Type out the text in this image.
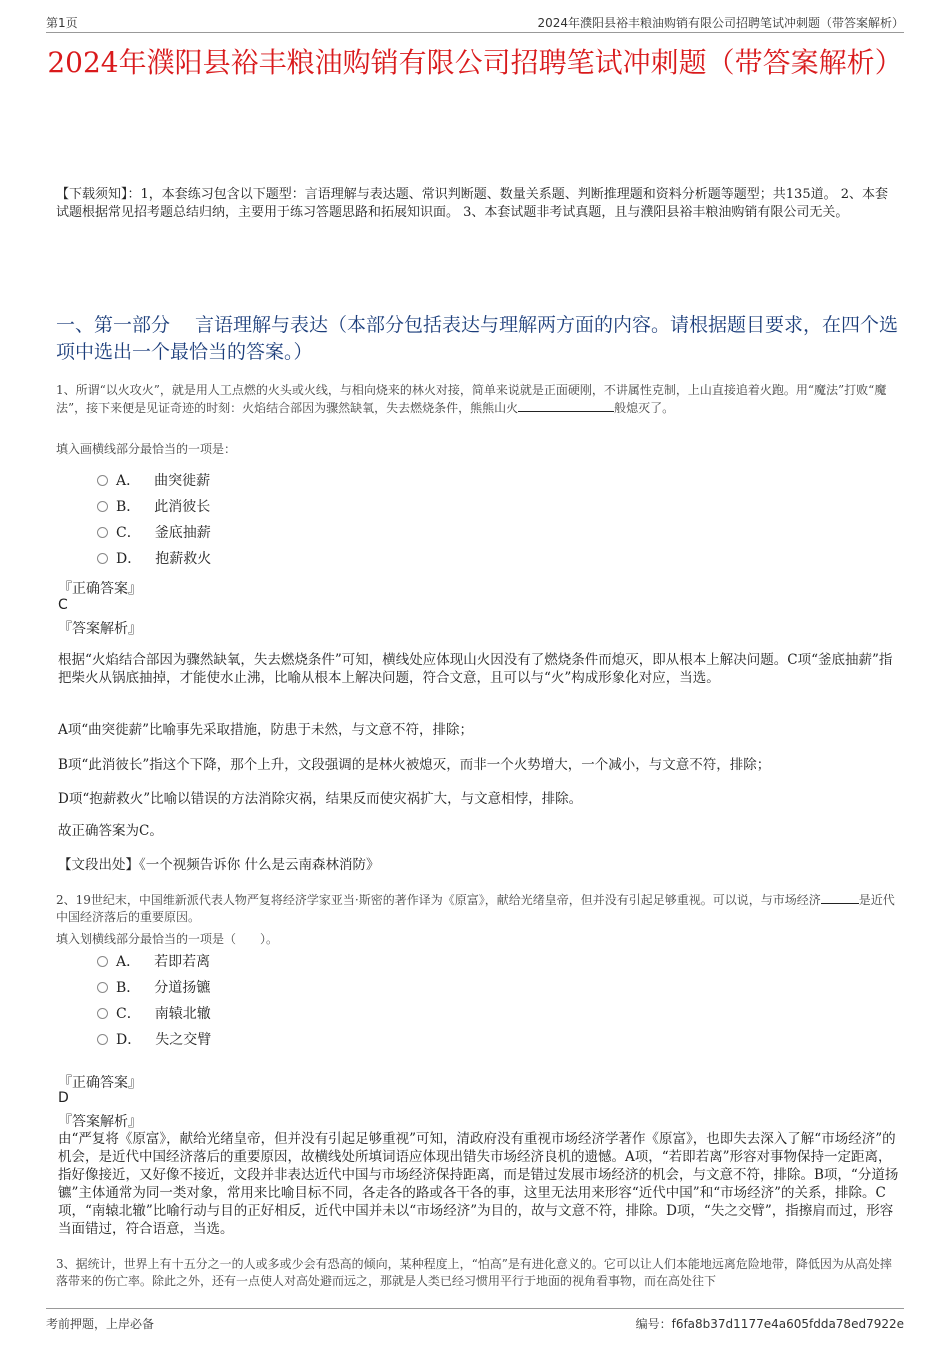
第1页	2024年濮阳县裕丰粮油购销有限公司招聘笔试冲刺题（带答案解析）
2024年濮阳县裕丰粮油购销有限公司招聘笔试冲刺题（带答案解析）
【下载须知】：1，本套练习包含以下题型：言语理解与表达题、常识判断题、数量关系题、判断推理题和资料分析题等题型；共135道。 2、本套试题根据常见招考题总结归纳，主要用于练习答题思路和拓展知识面。 3、本套试题非考试真题，且与濮阳县裕丰粮油购销有限公司无关。
一、第一部分　 言语理解与表达（本部分包括表达与理解两方面的内容。请根据题目要求，在四个选项中选出一个最恰当的答案。）
1、所谓“以火攻火”，就是用人工点燃的火头或火线，与相向烧来的林火对接，简单来说就是正面硬刚，不讲属性克制，上山直接追着火跑。用“魔法”打败“魔法”，接下来便是见证奇迹的时刻：火焰结合部因为骤然缺氧，失去燃烧条件，熊熊山火	般熄灭了。
填入画横线部分最恰当的一项是：
A． 曲突徙薪
B． 此消彼长
C． 釜底抽薪
D． 抱薪救火
『正确答案』
C
『答案解析』
根据“火焰结合部因为骤然缺氧，失去燃烧条件”可知，横线处应体现山火因没有了燃烧条件而熄灭，即从根本上解决问题。C项“釜底抽薪”指把柴火从锅底抽掉，才能使水止沸，比喻从根本上解决问题，符合文意，且可以与“火”构成形象化对应，当选。
A项“曲突徙薪”比喻事先采取措施，防患于未然，与文意不符，排除；
B项“此消彼长”指这个下降，那个上升，文段强调的是林火被熄灭，而非一个火势增大，一个减小，与文意不符，排除；
D项“抱薪救火”比喻以错误的方法消除灾祸，结果反而使灾祸扩大，与文意相悖，排除。
故正确答案为C。
【文段出处】《一个视频告诉你 什么是云南森林消防》
2、19世纪末，中国维新派代表人物严复将经济学家亚当·斯密的著作译为《原富》，献给光绪皇帝，但并没有引起足够重视。可以说，与市场经济	是近代中国经济落后的重要原因。
填入划横线部分最恰当的一项是（　　）。
A． 若即若离
B． 分道扬镳
C． 南辕北辙
D． 失之交臂
『正确答案』
D
『答案解析』
由“严复将《原富》，献给光绪皇帝，但并没有引起足够重视”可知，清政府没有重视市场经济学著作《原富》，也即失去深入了解“市场经济”的机会，是近代中国经济落后的重要原因，故横线处所填词语应体现出错失市场经济良机的遗憾。A项，“若即若离”形容对事物保持一定距离，指好像接近，又好像不接近，文段并非表达近代中国与市场经济保持距离，而是错过发展市场经济的机会，与文意不符，排除。B项，“分道扬镳”主体通常为同一类对象，常用来比喻目标不同，各走各的路或各干各的事，这里无法用来形容“近代中国”和“市场经济”的关系，排除。C项，“南辕北辙”比喻行动与目的正好相反，近代中国并未以“市场经济”为目的，故与文意不符，排除。D项，“失之交臂”，指擦肩而过，形容当面错过，符合语意，当选。
3、据统计，世界上有十五分之一的人或多或少会有恐高的倾向，某种程度上，“怕高”是有进化意义的。它可以让人们本能地远离危险地带，降低因为从高处摔落带来的伤亡率。除此之外，还有一点使人对高处避而远之，那就是人类已经习惯用平行于地面的视角看事物，而在高处往下
考前押题，上岸必备	编号：f6fa8b37d1177e4a605fdda78ed7922e
